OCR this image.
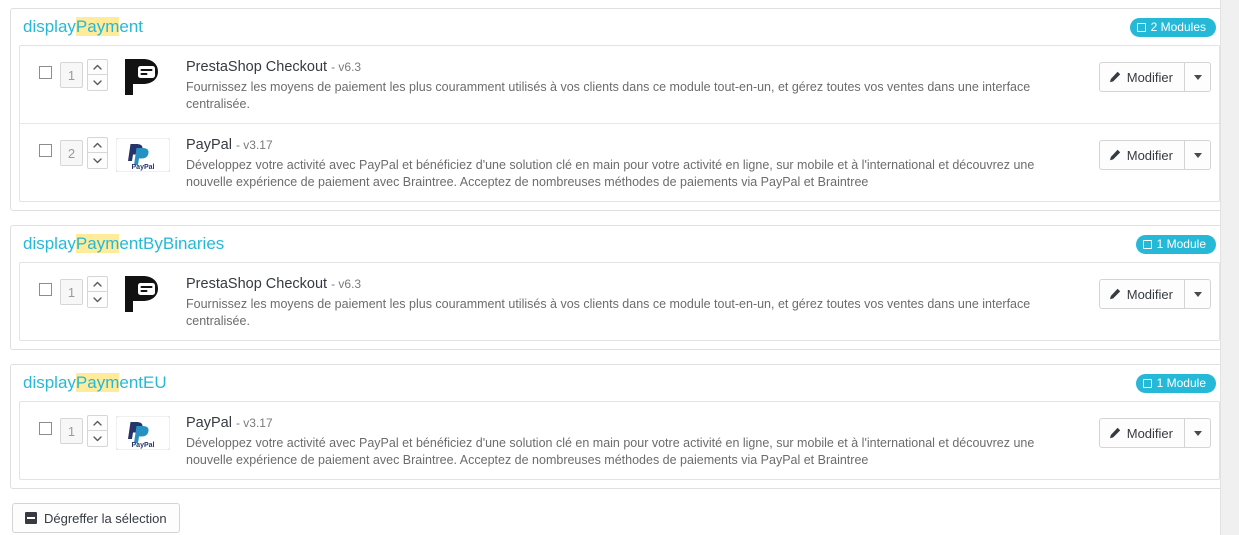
displayPayment	2 Modules
1
PrestaShop Checkout - v6.3
Fournissez les moyens de paiement les plus couramment utilisés à vos clients dans ce module tout-en-un, et gérez toutes vos ventes dans une interface centralisée.
Modifier
2
PayPal
PayPal - v3.17
Développez votre activité avec PayPal et bénéficiez d'une solution clé en main pour votre activité en ligne, sur mobile et à l'international et découvrez une nouvelle expérience de paiement avec Braintree. Acceptez de nombreuses méthodes de paiements via PayPal et Braintree
Modifier
displayPaymentByBinaries	1 Module
1
PrestaShop Checkout - v6.3
Fournissez les moyens de paiement les plus couramment utilisés à vos clients dans ce module tout-en-un, et gérez toutes vos ventes dans une interface centralisée.
Modifier
displayPaymentEU	1 Module
1
PayPal
PayPal - v3.17
Développez votre activité avec PayPal et bénéficiez d'une solution clé en main pour votre activité en ligne, sur mobile et à l'international et découvrez une nouvelle expérience de paiement avec Braintree. Acceptez de nombreuses méthodes de paiements via PayPal et Braintree
Modifier
Dégreffer la sélection
